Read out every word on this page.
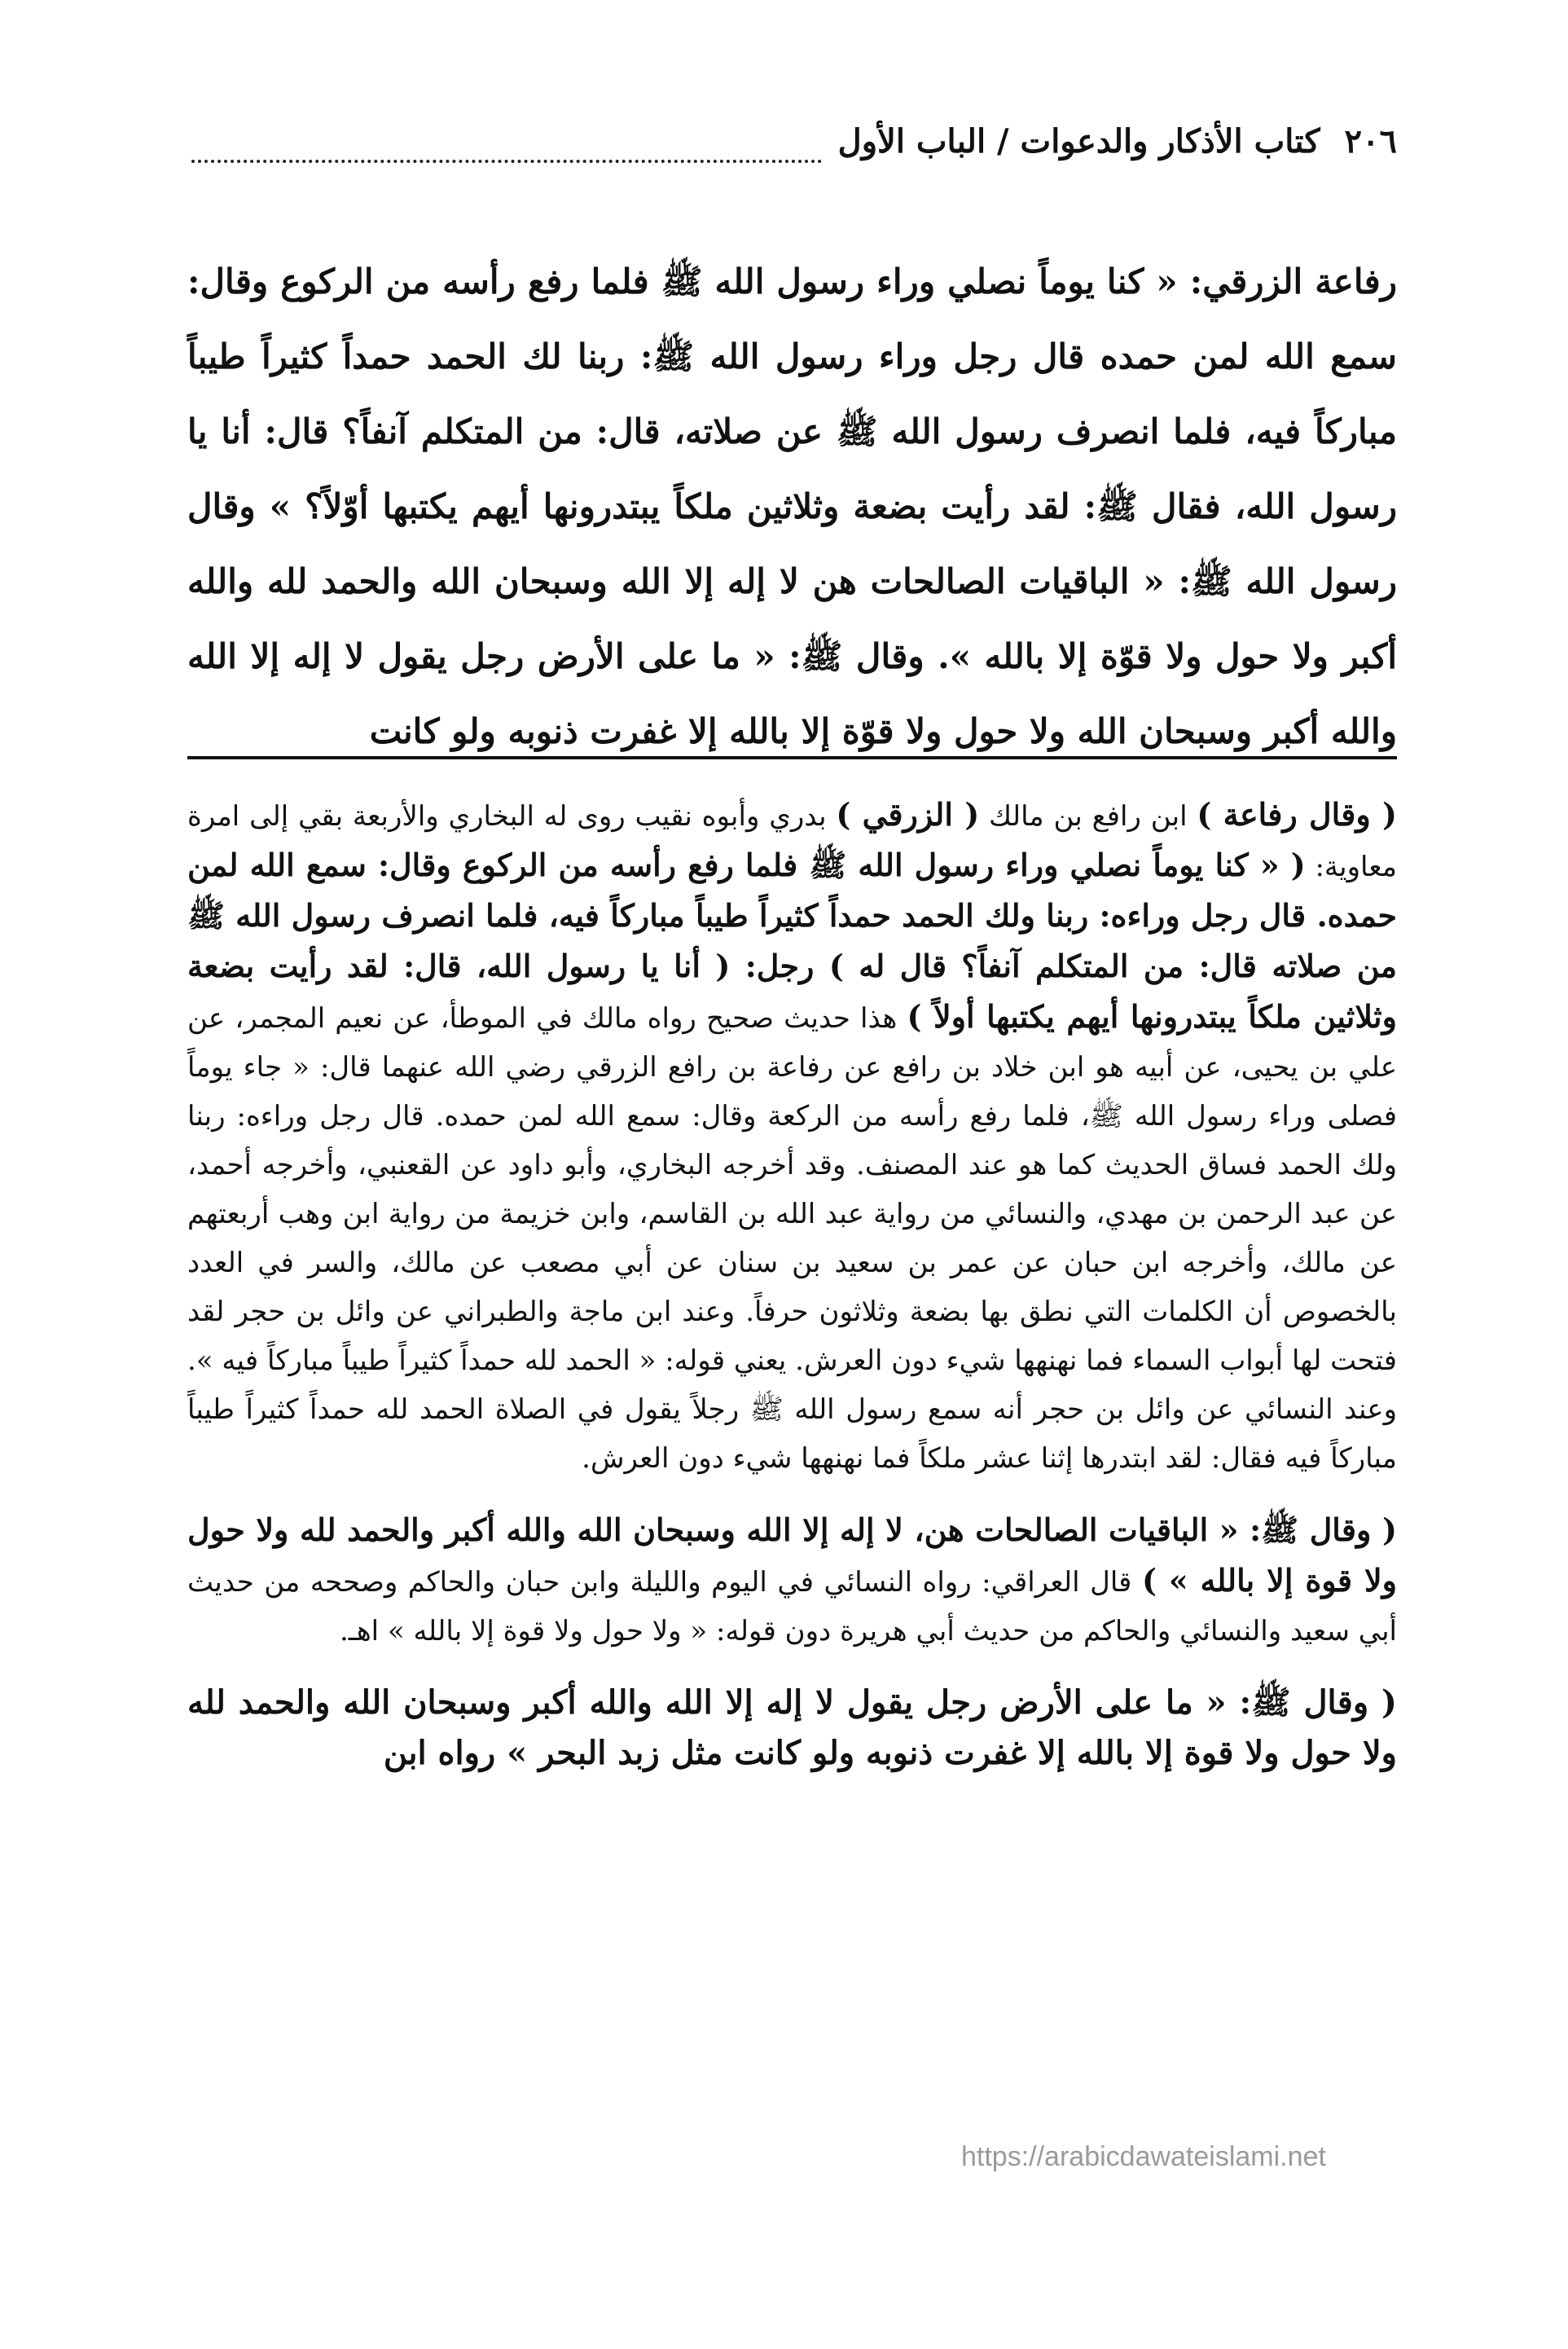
٢٠٦
كتاب الأذكار والدعوات / الباب الأول

رفاعة الزرقي: « كنا يوماً نصلي وراء رسول الله ﷺ فلما رفع رأسه من الركوع وقال: سمع الله لمن حمده قال رجل وراء رسول الله ﷺ: ربنا لك الحمد حمداً كثيراً طيباً مباركاً فيه، فلما انصرف رسول الله ﷺ عن صلاته، قال: من المتكلم آنفاً؟ قال: أنا يا رسول الله، فقال ﷺ: لقد رأيت بضعة وثلاثين ملكاً يبتدرونها أيهم يكتبها أوّلاً؟ » وقال رسول الله ﷺ: « الباقيات الصالحات هن لا إله إلا الله وسبحان الله والحمد لله والله أكبر ولا حول ولا قوّة إلا بالله ». وقال ﷺ: « ما على الأرض رجل يقول لا إله إلا الله والله أكبر وسبحان الله ولا حول ولا قوّة إلا بالله إلا غفرت ذنوبه ولو كانت

( وقال رفاعة ) ابن رافع بن مالك ( الزرقي ) بدري وأبوه نقيب روى له البخاري والأربعة بقي إلى امرة معاوية: ( « كنا يوماً نصلي وراء رسول الله ﷺ فلما رفع رأسه من الركوع وقال: سمع الله لمن حمده. قال رجل وراءه: ربنا ولك الحمد حمداً كثيراً طيباً مباركاً فيه، فلما انصرف رسول الله ﷺ من صلاته قال: من المتكلم آنفاً؟ قال له ) رجل: ( أنا يا رسول الله، قال: لقد رأيت بضعة وثلاثين ملكاً يبتدرونها أيهم يكتبها أولاً ) هذا حديث صحيح رواه مالك في الموطأ، عن نعيم المجمر، عن علي بن يحيى، عن أبيه هو ابن خلاد بن رافع عن رفاعة بن رافع الزرقي رضي الله عنهما قال: « جاء يوماً فصلى وراء رسول الله ﷺ، فلما رفع رأسه من الركعة وقال: سمع الله لمن حمده. قال رجل وراءه: ربنا ولك الحمد فساق الحديث كما هو عند المصنف. وقد أخرجه البخاري، وأبو داود عن القعنبي، وأخرجه أحمد، عن عبد الرحمن بن مهدي، والنسائي من رواية عبد الله بن القاسم، وابن خزيمة من رواية ابن وهب أربعتهم عن مالك، وأخرجه ابن حبان عن عمر بن سعيد بن سنان عن أبي مصعب عن مالك، والسر في العدد بالخصوص أن الكلمات التي نطق بها بضعة وثلاثون حرفاً. وعند ابن ماجة والطبراني عن وائل بن حجر لقد فتحت لها أبواب السماء فما نهنهها شيء دون العرش. يعني قوله: « الحمد لله حمداً كثيراً طيباً مباركاً فيه ». وعند النسائي عن وائل بن حجر أنه سمع رسول الله ﷺ رجلاً يقول في الصلاة الحمد لله حمداً كثيراً طيباً مباركاً فيه فقال: لقد ابتدرها إثنا عشر ملكاً فما نهنهها شيء دون العرش.

( وقال ﷺ: « الباقيات الصالحات هن، لا إله إلا الله وسبحان الله والله أكبر والحمد لله ولا حول ولا قوة إلا بالله » ) قال العراقي: رواه النسائي في اليوم والليلة وابن حبان والحاكم وصححه من حديث أبي سعيد والنسائي والحاكم من حديث أبي هريرة دون قوله: « ولا حول ولا قوة إلا بالله » اهـ.

( وقال ﷺ: « ما على الأرض رجل يقول لا إله إلا الله والله أكبر وسبحان الله والحمد لله ولا حول ولا قوة إلا بالله إلا غفرت ذنوبه ولو كانت مثل زبد البحر » رواه ابن

https://arabicdawateislami.net
